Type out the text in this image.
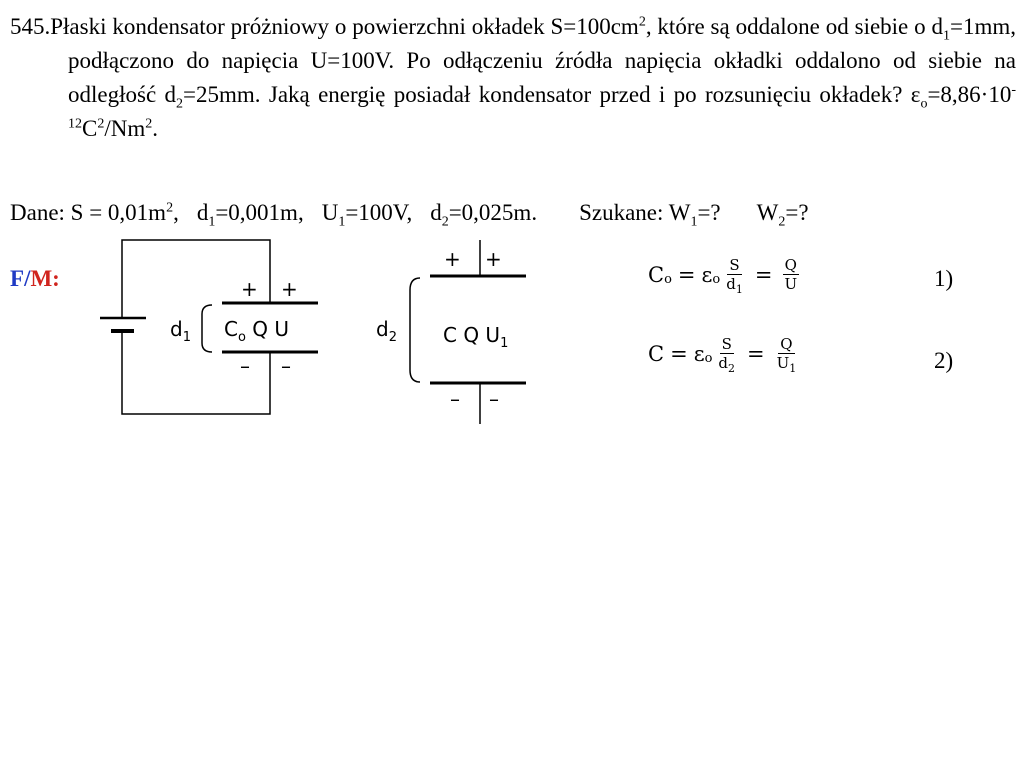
545.Płaski kondensator próżniowy o powierzchni okładek $S=100cm^2$, które są oddalone od siebie o $d_1=1mm$, podłączono do napięcia U=100V. Po odłączeniu źródła napięcia okładki oddalono od siebie na odległość $d_2=25mm$. Jaką energię posiadał kondensator przed i po rozsunięciu okładek? $\varepsilon_o=8,86\cdot 10^{-12}C^2/Nm^2$.
Dane: $S = 0,01m^2$, $d_1=0,001m$, $U_1=100V$, $d_2=0,025m$. Szukane: $W_1=$? $W_2=$?
F/M:	+ +
– –
$d_1$ $C_o$ Q U
+ +
– –
$d_2$ C Q $U_1$
C o = ε o $\frac{S}{d_1} = \frac{Q}{U}$	1)
C = ε o $\frac{S}{d_2} = \frac{Q}{U_1}$	2)
